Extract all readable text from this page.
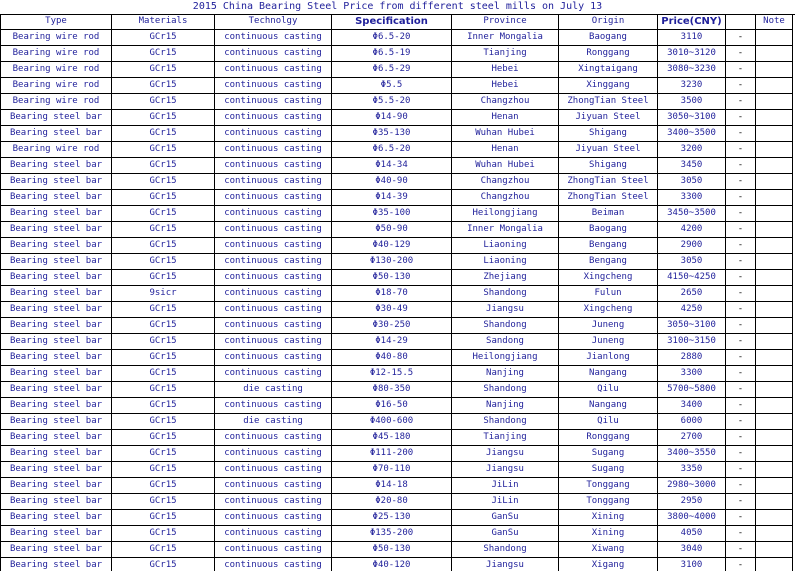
2015 China Bearing Steel Price from different steel mills on July 13
Type	Materials	Technolgy	Specification	Province	Origin	Price(CNY)		Note
Bearing wire rod	GCr15	continuous casting	Φ6.5-20	Inner Mongalia	Baogang	3110	-	
Bearing wire rod	GCr15	continuous casting	Φ6.5-19	Tianjing	Ronggang	3010~3120	-	
Bearing wire rod	GCr15	continuous casting	Φ6.5-29	Hebei	Xingtaigang	3080~3230	-	
Bearing wire rod	GCr15	continuous casting	Φ5.5	Hebei	Xinggang	3230	-	
Bearing wire rod	GCr15	continuous casting	Φ5.5-20	Changzhou	ZhongTian Steel	3500	-	
Bearing steel bar	GCr15	continuous casting	Φ14-90	Henan	Jiyuan Steel	3050~3100	-	
Bearing steel bar	GCr15	continuous casting	Φ35-130	Wuhan Hubei	Shigang	3400~3500	-	
Bearing wire rod	GCr15	continuous casting	Φ6.5-20	Henan	Jiyuan Steel	3200	-	
Bearing steel bar	GCr15	continuous casting	Φ14-34	Wuhan Hubei	Shigang	3450	-	
Bearing steel bar	GCr15	continuous casting	Φ40-90	Changzhou	ZhongTian Steel	3050	-	
Bearing steel bar	GCr15	continuous casting	Φ14-39	Changzhou	ZhongTian Steel	3300	-	
Bearing steel bar	GCr15	continuous casting	Φ35-100	Heilongjiang	Beiman	3450~3500	-	
Bearing steel bar	GCr15	continuous casting	Φ50-90	Inner Mongalia	Baogang	4200	-	
Bearing steel bar	GCr15	continuous casting	Φ40-129	Liaoning	Bengang	2900	-	
Bearing steel bar	GCr15	continuous casting	Φ130-200	Liaoning	Bengang	3050	-	
Bearing steel bar	GCr15	continuous casting	Φ50-130	Zhejiang	Xingcheng	4150~4250	-	
Bearing steel bar	9sicr	continuous casting	Φ18-70	Shandong	Fulun	2650	-	
Bearing steel bar	GCr15	continuous casting	Φ30-49	Jiangsu	Xingcheng	4250	-	
Bearing steel bar	GCr15	continuous casting	Φ30-250	Shandong	Juneng	3050~3100	-	
Bearing steel bar	GCr15	continuous casting	Φ14-29	Sandong	Juneng	3100~3150	-	
Bearing steel bar	GCr15	continuous casting	Φ40-80	Heilongjiang	Jianlong	2880	-	
Bearing steel bar	GCr15	continuous casting	Φ12-15.5	Nanjing	Nangang	3300	-	
Bearing steel bar	GCr15	die casting	Φ80-350	Shandong	Qilu	5700~5800	-	
Bearing steel bar	GCr15	continuous casting	Φ16-50	Nanjing	Nangang	3400	-	
Bearing steel bar	GCr15	die casting	Φ400-600	Shandong	Qilu	6000	-	
Bearing steel bar	GCr15	continuous casting	Φ45-180	Tianjing	Ronggang	2700	-	
Bearing steel bar	GCr15	continuous casting	Φ111-200	Jiangsu	Sugang	3400~3550	-	
Bearing steel bar	GCr15	continuous casting	Φ70-110	Jiangsu	Sugang	3350	-	
Bearing steel bar	GCr15	continuous casting	Φ14-18	JiLin	Tonggang	2980~3000	-	
Bearing steel bar	GCr15	continuous casting	Φ20-80	JiLin	Tonggang	2950	-	
Bearing steel bar	GCr15	continuous casting	Φ25-130	GanSu	Xining	3800~4000	-	
Bearing steel bar	GCr15	continuous casting	Φ135-200	GanSu	Xining	4050	-	
Bearing steel bar	GCr15	continuous casting	Φ50-130	Shandong	Xiwang	3040	-	
Bearing steel bar	GCr15	continuous casting	Φ40-120	Jiangsu	Xigang	3100	-	
